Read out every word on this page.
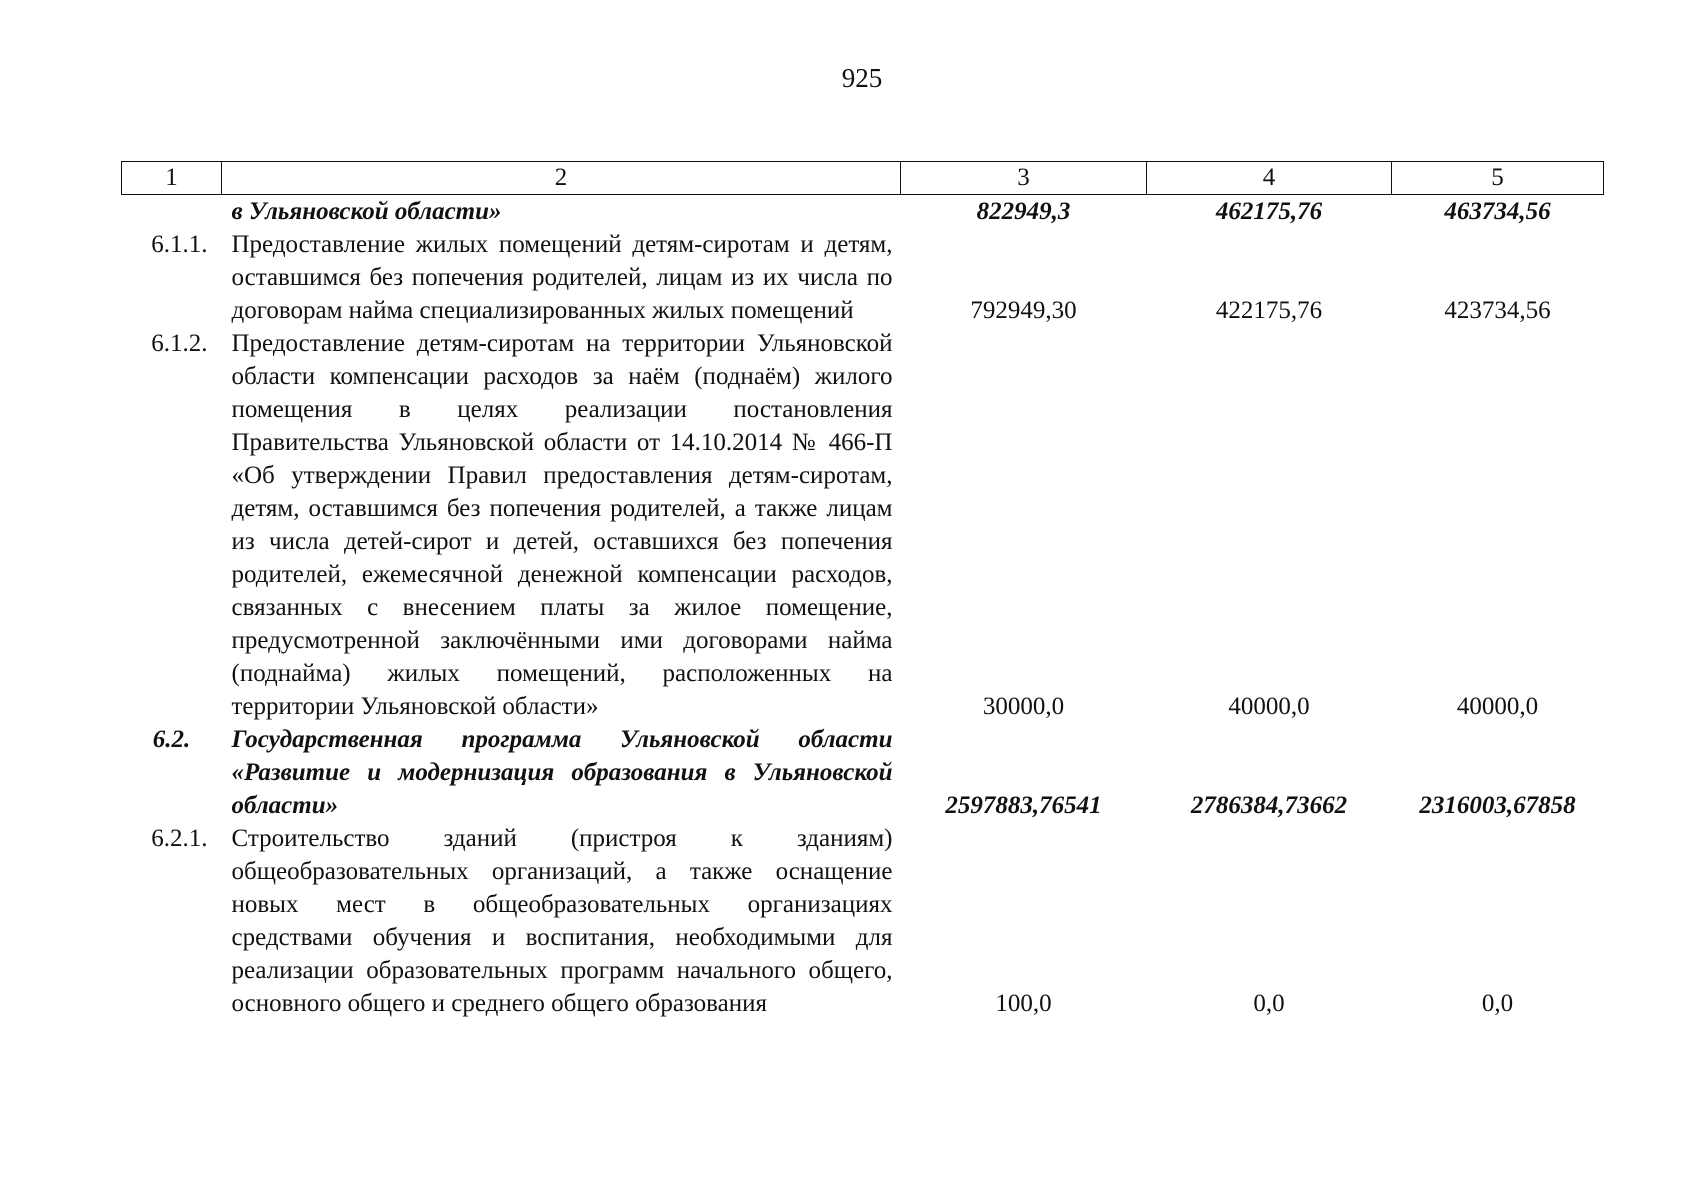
925
1	2	3	4	5
	в Ульяновской области»	822949,3	462175,76	463734,56
6.1.1.	Предоставление жилых помещений детям-сиротам и детям, оставшимся без попечения родителей, лицам из их числа по договорам найма специализированных жилых помещений	792949,30	422175,76	423734,56
6.1.2.	Предоставление детям-сиротам на территории Ульяновской области компенсации расходов за наём (поднаём) жилого помещения в целях реализации постановления Правительства Ульяновской области от 14.10.2014 № 466-П «Об утверждении Правил предоставления детям-сиротам, детям, оставшимся без попечения родителей, а также лицам из числа детей-сирот и детей, оставшихся без попечения родителей, ежемесячной денежной компенсации расходов, связанных с внесением платы за жилое помещение, предусмотренной заключёнными ими договорами найма (поднайма) жилых помещений, расположенных на территории Ульяновской области»	30000,0	40000,0	40000,0
6.2.	Государственная программа Ульяновской области «Развитие и модернизация образования в Ульяновской области»	2597883,76541	2786384,73662	2316003,67858
6.2.1.	Строительство зданий (пристроя к зданиям) общеобразовательных организаций, а также оснащение новых мест в общеобразовательных организациях средствами обучения и воспитания, необходимыми для реализации образовательных программ начального общего, основного общего и среднего общего образования	100,0	0,0	0,0
